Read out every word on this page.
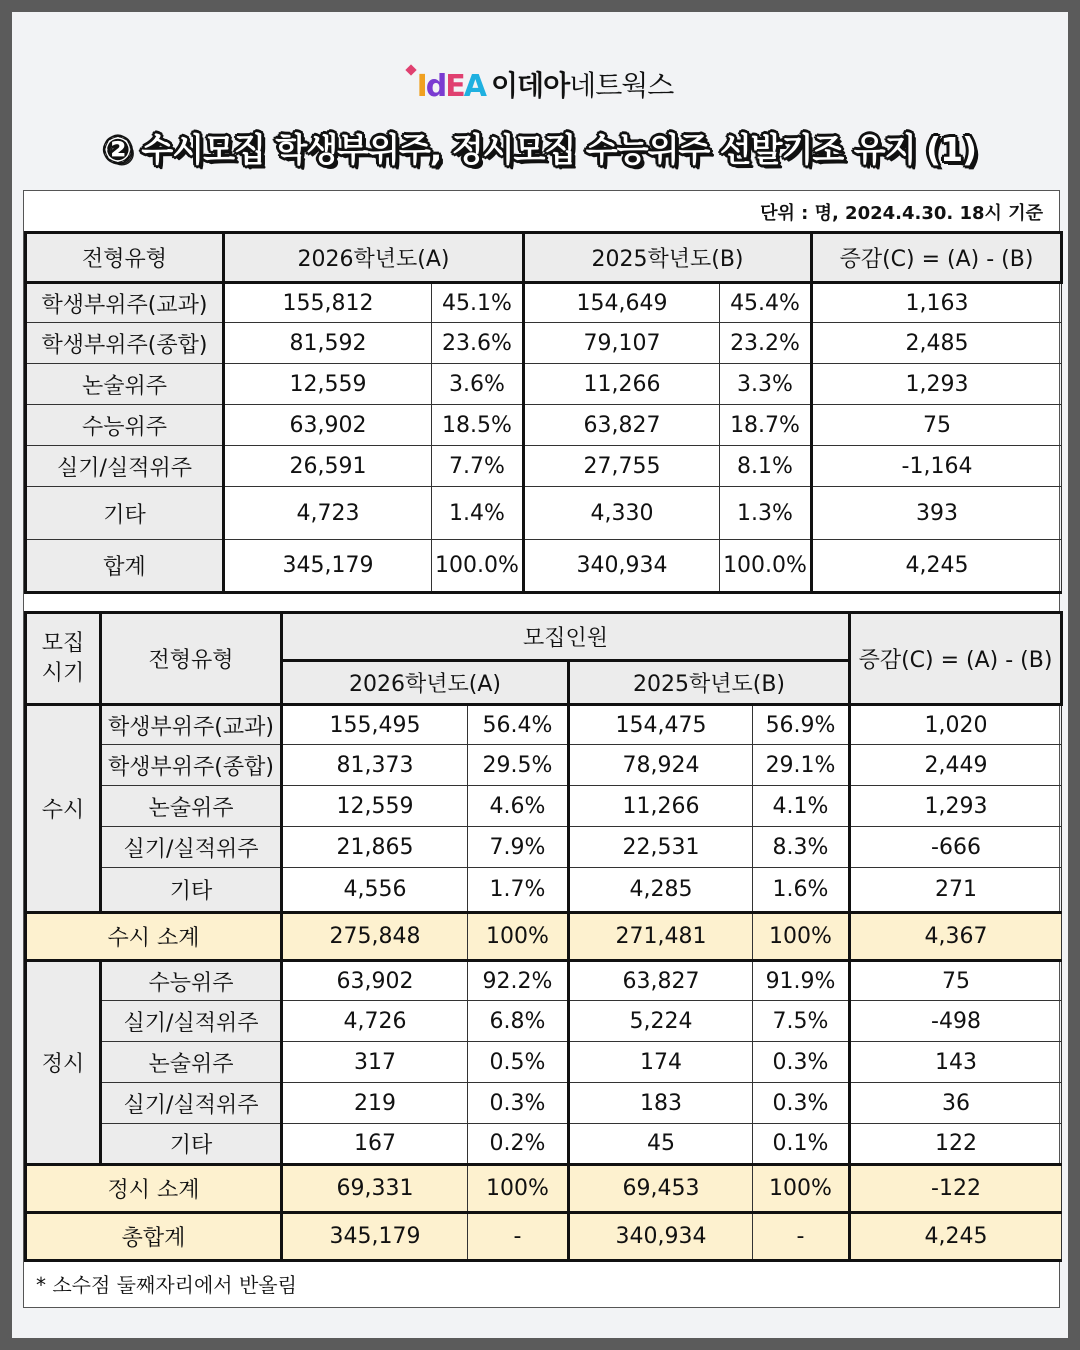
I d E A 이데아네트웍스
② 수시모집 학생부위주, 정시모집 수능위주 선발기조 유지 (1)
단위 : 명, 2024.4.30. 18시 기준
전형유형	2026학년도(A)		2025학년도(B)		증감(C) = (A) - (B)
학생부위주(교과)	155,812	45.1%	154,649	45.4%	1,163
학생부위주(종합)	81,592	23.6%	79,107	23.2%	2,485
논술위주	12,559	3.6%	11,266	3.3%	1,293
수능위주	63,902	18.5%	63,827	18.7%	75
실기/실적위주	26,591	7.7%	27,755	8.1%	-1,164
기타	4,723	1.4%	4,330	1.3%	393
합계	345,179	100.0%	340,934	100.0%	4,245
모집
시기	전형유형	모집인원				증감(C) = (A) - (B)
		2026학년도(A)		2025학년도(B)		
수시	학생부위주(교과)	155,495	56.4%	154,475	56.9%	1,020
	학생부위주(종합)	81,373	29.5%	78,924	29.1%	2,449
	논술위주	12,559	4.6%	11,266	4.1%	1,293
	실기/실적위주	21,865	7.9%	22,531	8.3%	-666
	기타	4,556	1.7%	4,285	1.6%	271
수시 소계		275,848	100%	271,481	100%	4,367
정시	수능위주	63,902	92.2%	63,827	91.9%	75
	실기/실적위주	4,726	6.8%	5,224	7.5%	-498
	논술위주	317	0.5%	174	0.3%	143
	실기/실적위주	219	0.3%	183	0.3%	36
	기타	167	0.2%	45	0.1%	122
정시 소계		69,331	100%	69,453	100%	-122
총합계		345,179	-	340,934	-	4,245
* 소수점 둘째자리에서 반올림
